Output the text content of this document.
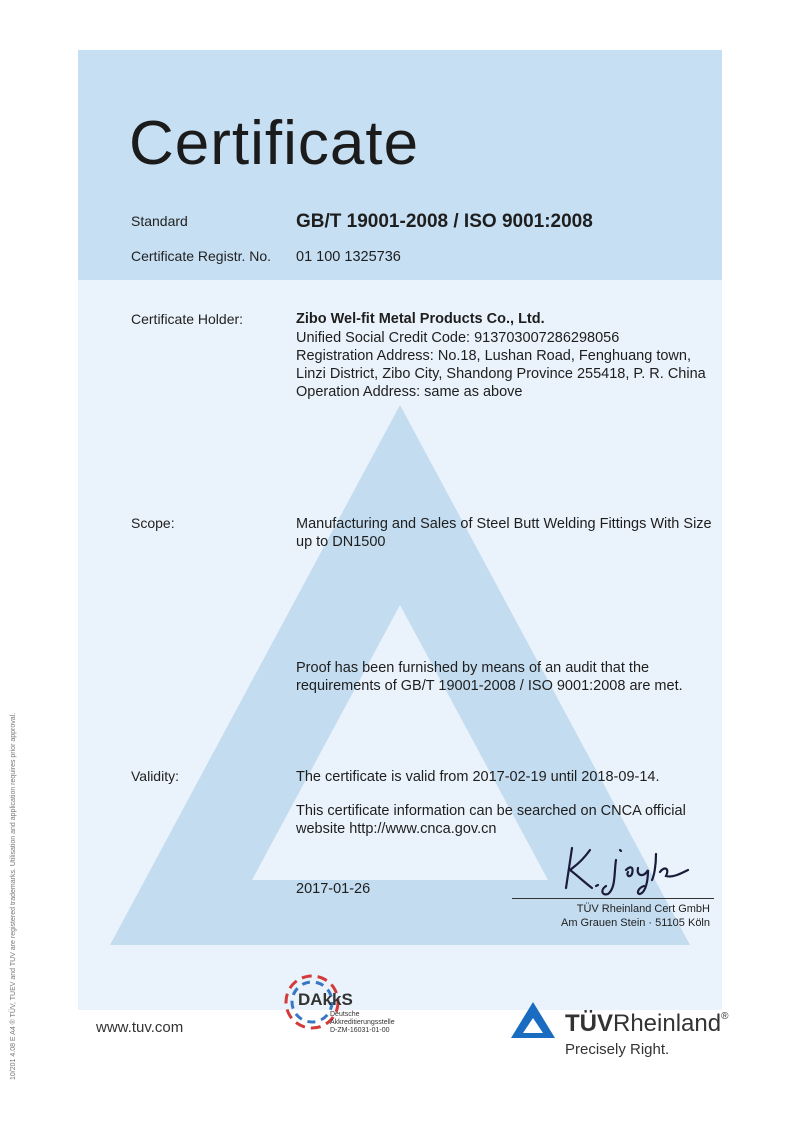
Certificate
Standard	GB/T 19001-2008 / ISO 9001:2008
Certificate Registr. No. 01 100 1325736
Certificate Holder:	Zibo Wel-fit Metal Products Co., Ltd.
Unified Social Credit Code: 913703007286298056
Registration Address: No.18, Lushan Road, Fenghuang town,
Linzi District, Zibo City, Shandong Province 255418, P. R. China
Operation Address: same as above
Scope:	Manufacturing and Sales of Steel Butt Welding Fittings With Size
up to DN1500
Proof has been furnished by means of an audit that the
requirements of GB/T 19001-2008 / ISO 9001:2008 are met.
Validity:	The certificate is valid from 2017-02-19 until 2018-09-14.
This certificate information can be searched on CNCA official
website http://www.cnca.gov.cn
2017-01-26
TÜV Rheinland Cert GmbH
Am Grauen Stein · 51105 Köln
www.tuv.com
DAkkS
Deutsche
Akkreditierungsstelle
D-ZM-16031-01-00	TÜVRheinland®
Precisely Right.
10/201 4.08 E A4 ® TÜV, TUEV and TUV are registered trademarks. Utilisation and application requires prior approval.
